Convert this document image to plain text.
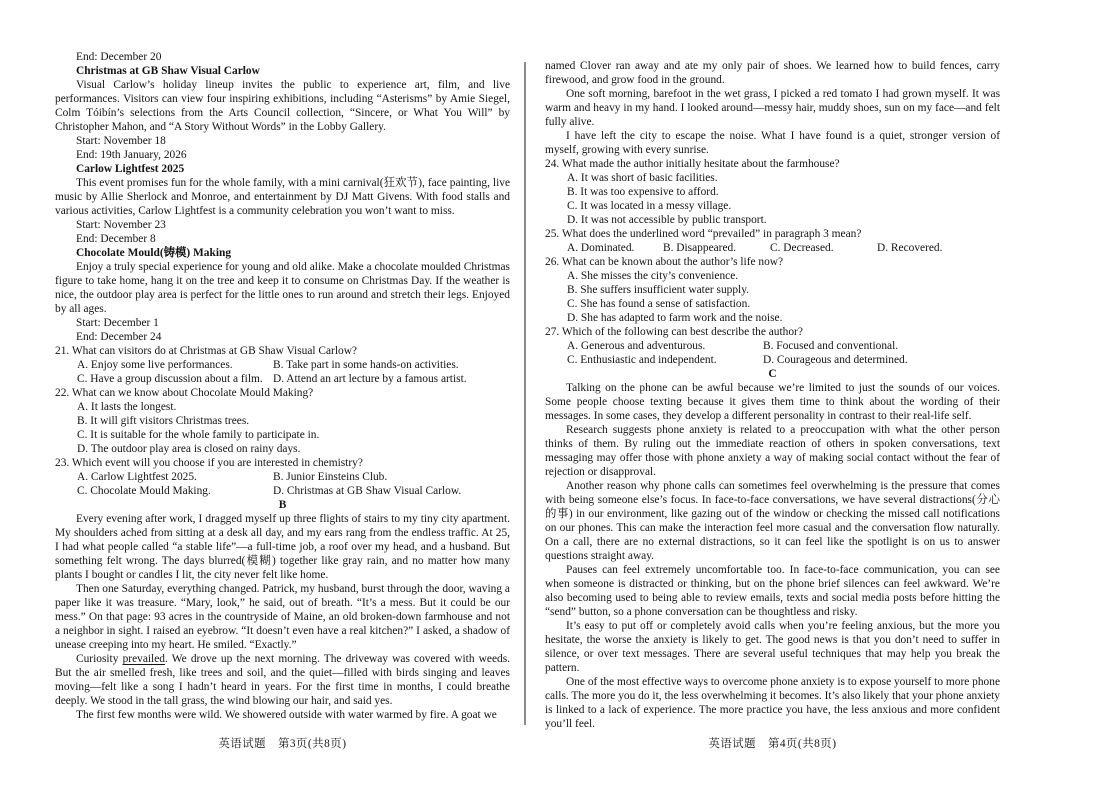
End: December 20
Christmas at GB Shaw Visual Carlow
Visual Carlow’s holiday lineup invites the public to experience art, film, and live performances. Visitors can view four inspiring exhibitions, including “Asterisms” by Amie Siegel, Colm Tóibín’s selections from the Arts Council collection, “Sincere, or What You Will” by Christopher Mahon, and “A Story Without Words” in the Lobby Gallery.
Start: November 18
End: 19th January, 2026
Carlow Lightfest 2025
This event promises fun for the whole family, with a mini carnival(狂欢节), face painting, live music by Allie Sherlock and Monroe, and entertainment by DJ Matt Givens. With food stalls and various activities, Carlow Lightfest is a community celebration you won’t want to miss.
Start: November 23
End: December 8
Chocolate Mould(铸模) Making
Enjoy a truly special experience for young and old alike. Make a chocolate moulded Christmas figure to take home, hang it on the tree and keep it to consume on Christmas Day. If the weather is nice, the outdoor play area is perfect for the little ones to run around and stretch their legs. Enjoyed by all ages.
Start: December 1
End: December 24
21. What can visitors do at Christmas at GB Shaw Visual Carlow?
A. Enjoy some live performances.	B. Take part in some hands-on activities.
C. Have a group discussion about a film. D. Attend an art lecture by a famous artist.
22. What can we know about Chocolate Mould Making?
A. It lasts the longest.
B. It will gift visitors Christmas trees.
C. It is suitable for the whole family to participate in.
D. The outdoor play area is closed on rainy days.
23. Which event will you choose if you are interested in chemistry?
A. Carlow Lightfest 2025.	B. Junior Einsteins Club.
C. Chocolate Mould Making.	D. Christmas at GB Shaw Visual Carlow.
B
Every evening after work, I dragged myself up three flights of stairs to my tiny city apartment. My shoulders ached from sitting at a desk all day, and my ears rang from the endless traffic. At 25, I had what people called “a stable life”—a full-time job, a roof over my head, and a husband. But something felt wrong. The days blurred(模糊) together like gray rain, and no matter how many plants I bought or candles I lit, the city never felt like home.
Then one Saturday, everything changed. Patrick, my husband, burst through the door, waving a paper like it was treasure. “Mary, look,” he said, out of breath. “It’s a mess. But it could be our mess.” On that page: 93 acres in the countryside of Maine, an old broken-down farmhouse and not a neighbor in sight. I raised an eyebrow. “It doesn’t even have a real kitchen?” I asked, a shadow of unease creeping into my heart. He smiled. “Exactly.”
Curiosity prevailed. We drove up the next morning. The driveway was covered with weeds. But the air smelled fresh, like trees and soil, and the quiet—filled with birds singing and leaves moving—felt like a song I hadn’t heard in years. For the first time in months, I could breathe deeply. We stood in the tall grass, the wind blowing our hair, and said yes.
The first few months were wild. We showered outside with water warmed by fire. A goat we
named Clover ran away and ate my only pair of shoes. We learned how to build fences, carry firewood, and grow food in the ground.
One soft morning, barefoot in the wet grass, I picked a red tomato I had grown myself. It was warm and heavy in my hand. I looked around—messy hair, muddy shoes, sun on my face—and felt fully alive.
I have left the city to escape the noise. What I have found is a quiet, stronger version of myself, growing with every sunrise.
24. What made the author initially hesitate about the farmhouse?
A. It was short of basic facilities.
B. It was too expensive to afford.
C. It was located in a messy village.
D. It was not accessible by public transport.
25. What does the underlined word “prevailed” in paragraph 3 mean?
A. Dominated.	B. Disappeared.	C. Decreased.	D. Recovered.
26. What can be known about the author’s life now?
A. She misses the city’s convenience.
B. She suffers insufficient water supply.
C. She has found a sense of satisfaction.
D. She has adapted to farm work and the noise.
27. Which of the following can best describe the author?
A. Generous and adventurous.	B. Focused and conventional.
C. Enthusiastic and independent.	D. Courageous and determined.
C
Talking on the phone can be awful because we’re limited to just the sounds of our voices. Some people choose texting because it gives them time to think about the wording of their messages. In some cases, they develop a different personality in contrast to their real-life self.
Research suggests phone anxiety is related to a preoccupation with what the other person thinks of them. By ruling out the immediate reaction of others in spoken conversations, text messaging may offer those with phone anxiety a way of making social contact without the fear of rejection or disapproval.
Another reason why phone calls can sometimes feel overwhelming is the pressure that comes with being someone else’s focus. In face-to-face conversations, we have several distractions(分心的事) in our environment, like gazing out of the window or checking the missed call notifications on our phones. This can make the interaction feel more casual and the conversation flow naturally. On a call, there are no external distractions, so it can feel like the spotlight is on us to answer questions straight away.
Pauses can feel extremely uncomfortable too. In face-to-face communication, you can see when someone is distracted or thinking, but on the phone brief silences can feel awkward. We’re also becoming used to being able to review emails, texts and social media posts before hitting the “send” button, so a phone conversation can be thoughtless and risky.
It’s easy to put off or completely avoid calls when you’re feeling anxious, but the more you hesitate, the worse the anxiety is likely to get. The good news is that you don’t need to suffer in silence, or over text messages. There are several useful techniques that may help you break the pattern.
One of the most effective ways to overcome phone anxiety is to expose yourself to more phone calls. The more you do it, the less overwhelming it becomes. It’s also likely that your phone anxiety is linked to a lack of experience. The more practice you have, the less anxious and more confident you’ll feel.
英语试题　第3页(共8页)	英语试题　第4页(共8页)
